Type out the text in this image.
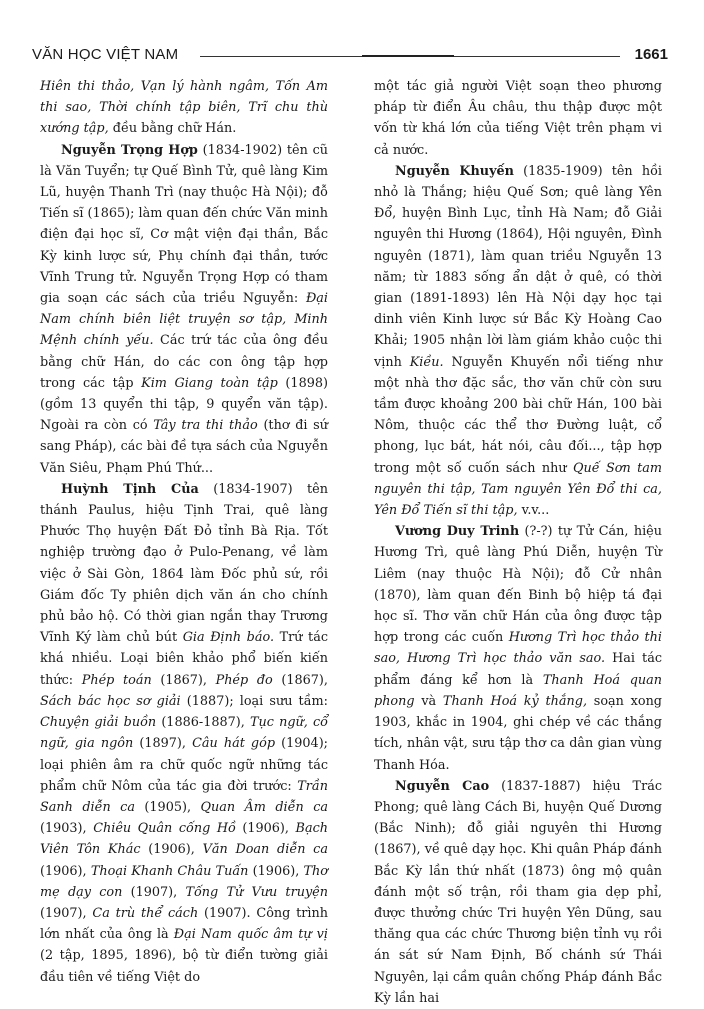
VĂN HỌC VIỆT NAM	1661

Hiên thi thảo, Vạn lý hành ngâm, Tốn Am thi sao, Thời chính tập biên, Trĩ chu thù xướng tập, đều bằng chữ Hán.

Nguyễn Trọng Hợp (1834-1902) tên cũ là Văn Tuyển; tự Quế Bình Tử, quê làng Kim Lũ, huyện Thanh Trì (nay thuộc Hà Nội); đỗ Tiến sĩ (1865); làm quan đến chức Văn minh điện đại học sĩ, Cơ mật viện đại thần, Bắc Kỳ kinh lược sứ, Phụ chính đại thần, tước Vĩnh Trung tử. Nguyễn Trọng Hợp có tham gia soạn các sách của triều Nguyễn: Đại Nam chính biên liệt truyện sơ tập, Minh Mệnh chính yếu. Các trứ tác của ông đều bằng chữ Hán, do các con ông tập hợp trong các tập Kim Giang toàn tập (1898) (gồm 13 quyển thi tập, 9 quyển văn tập). Ngoài ra còn có Tây tra thi thảo (thơ đi sứ sang Pháp), các bài đề tựa sách của Nguyễn Văn Siêu, Phạm Phú Thứ...

Huỳnh Tịnh Của (1834-1907) tên thánh Paulus, hiệu Tịnh Trai, quê làng Phước Thọ huyện Đất Đỏ tỉnh Bà Rịa. Tốt nghiệp trường đạo ở Pulo-Penang, về làm việc ở Sài Gòn, 1864 làm Đốc phủ sứ, rồi Giám đốc Ty phiên dịch văn án cho chính phủ bảo hộ. Có thời gian ngắn thay Trương Vĩnh Ký làm chủ bút Gia Định báo. Trứ tác khá nhiều. Loại biên khảo phổ biến kiến thức: Phép toán (1867), Phép đo (1867), Sách bác học sơ giải (1887); loại sưu tầm: Chuyện giải buồn (1886-1887), Tục ngữ, cổ ngữ, gia ngôn (1897), Câu hát góp (1904); loại phiên âm ra chữ quốc ngữ những tác phẩm chữ Nôm của tác gia đời trước: Trần Sanh diễn ca (1905), Quan Âm diễn ca (1903), Chiêu Quân cống Hồ (1906), Bạch Viên Tôn Khác (1906), Văn Doan diễn ca (1906), Thoại Khanh Châu Tuấn (1906), Thơ mẹ dạy con (1907), Tống Tử Vưu truyện (1907), Ca trù thể cách (1907). Công trình lớn nhất của ông là Đại Nam quốc âm tự vị (2 tập, 1895, 1896), bộ từ điển tường giải đầu tiên về tiếng Việt do

một tác giả người Việt soạn theo phương pháp từ điển Âu châu, thu thập được một vốn từ khá lớn của tiếng Việt trên phạm vi cả nước.

Nguyễn Khuyến (1835-1909) tên hồi nhỏ là Thắng; hiệu Quế Sơn; quê làng Yên Đổ, huyện Bình Lục, tỉnh Hà Nam; đỗ Giải nguyên thi Hương (1864), Hội nguyên, Đình nguyên (1871), làm quan triều Nguyễn 13 năm; từ 1883 sống ẩn dật ở quê, có thời gian (1891-1893) lên Hà Nội dạy học tại dinh viên Kinh lược sứ Bắc Kỳ Hoàng Cao Khải; 1905 nhận lời làm giám khảo cuộc thi vịnh Kiều. Nguyễn Khuyến nổi tiếng như một nhà thơ đặc sắc, thơ văn chữ còn sưu tầm được khoảng 200 bài chữ Hán, 100 bài Nôm, thuộc các thể thơ Đường luật, cổ phong, lục bát, hát nói, câu đối..., tập hợp trong một số cuốn sách như Quế Sơn tam nguyên thi tập, Tam nguyên Yên Đổ thi ca, Yên Đổ Tiến sĩ thi tập, v.v...

Vương Duy Trinh (?-?) tự Tử Cán, hiệu Hương Trì, quê làng Phú Diễn, huyện Từ Liêm (nay thuộc Hà Nội); đỗ Cử nhân (1870), làm quan đến Binh bộ hiệp tá đại học sĩ. Thơ văn chữ Hán của ông được tập hợp trong các cuốn Hương Trì học thảo thi sao, Hương Trì học thảo văn sao. Hai tác phẩm đáng kể hơn là Thanh Hoá quan phong và Thanh Hoá kỷ thắng, soạn xong 1903, khắc in 1904, ghi chép về các thắng tích, nhân vật, sưu tập thơ ca dân gian vùng Thanh Hóa.

Nguyễn Cao (1837-1887) hiệu Trác Phong; quê làng Cách Bi, huyện Quế Dương (Bắc Ninh); đỗ giải nguyên thi Hương (1867), về quê dạy học. Khi quân Pháp đánh Bắc Kỳ lần thứ nhất (1873) ông mộ quân đánh một số trận, rồi tham gia dẹp phỉ, được thưởng chức Tri huyện Yên Dũng, sau thăng qua các chức Thương biện tỉnh vụ rồi án sát sứ Nam Định, Bố chánh sứ Thái Nguyên, lại cầm quân chống Pháp đánh Bắc Kỳ lần hai
